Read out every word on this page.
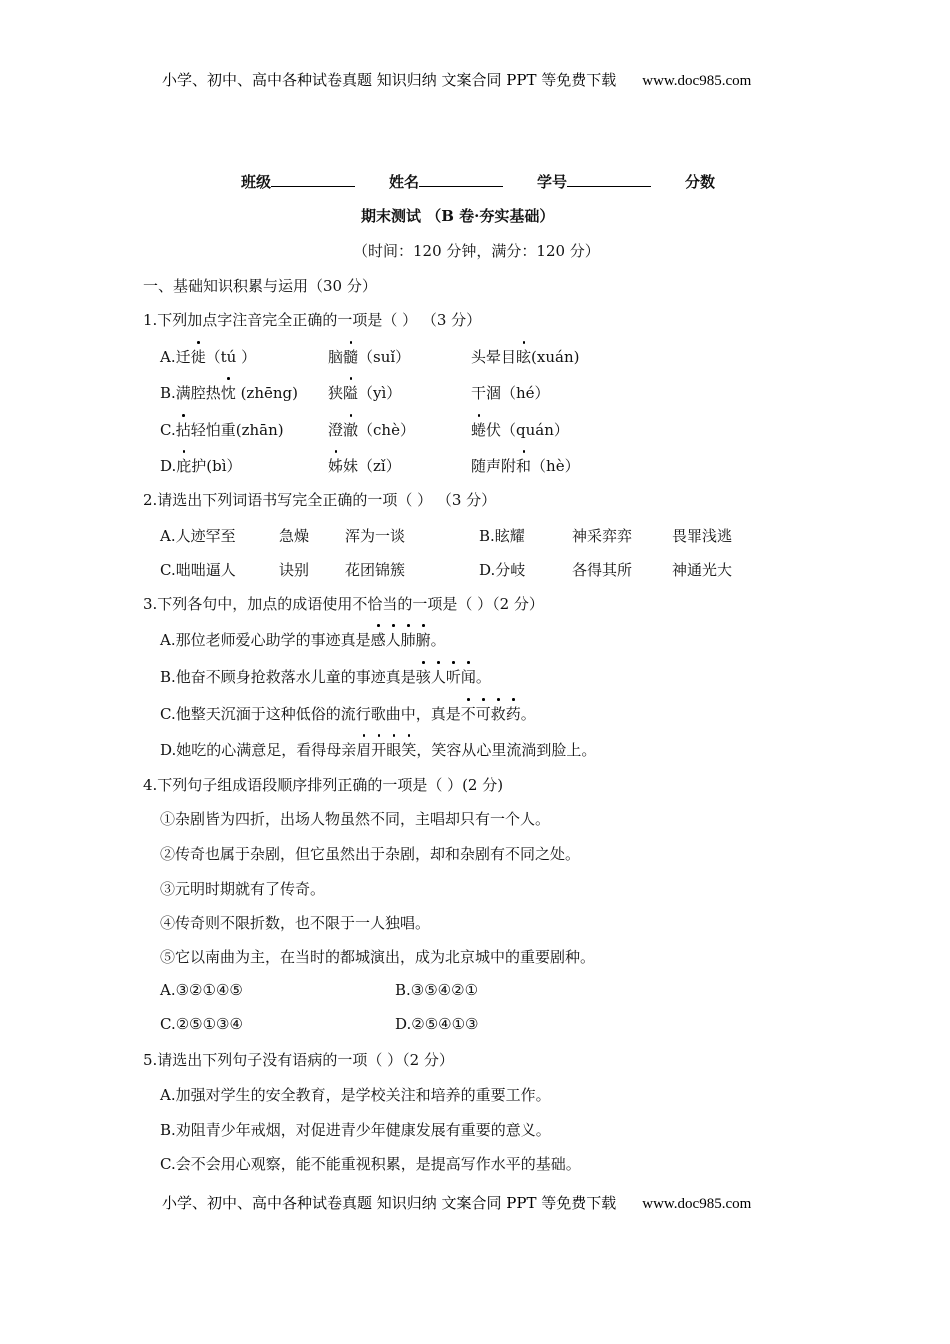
小学、初中、高中各种试卷真题 知识归纳 文案合同 PPT 等免费下载 www.doc985.com
班级	姓名	学号	分数
期末测试 （B 卷·夯实基础）
（时间：120 分钟，满分：120 分）
一、基础知识积累与运用（30 分）
1.下列加点字注音完全正确的一项是（ ） （3 分）
A.迁徙（tú ）	脑髓（suǐ）	头晕目眩(xuán)
B.满腔热忱 (zhēng) 狭隘（yì）	干涸（hé）
C.拈轻怕重(zhān)	澄澈（chè）	蜷伏（quán）
D.庇护(bì）	姊妹（zǐ）	随声附和（hè）
2.请选出下列词语书写完全正确的一项（ ） （3 分）
A.人迹罕至	急燥 浑为一谈	B.眩耀	神采弈弈	畏罪浅逃
C.咄咄逼人	诀别 花团锦簇	D.分岐	各得其所	神通光大
3.下列各句中，加点的成语使用不恰当的一项是（ ）（2 分）
A.那位老师爱心助学的事迹真是感人肺腑。
B.他奋不顾身抢救落水儿童的事迹真是骇人听闻。
C.他整天沉湎于这种低俗的流行歌曲中，真是不可救药。
D.她吃的心满意足，看得母亲眉开眼笑，笑容从心里流淌到脸上。
4.下列句子组成语段顺序排列正确的一项是（ ）(2 分)
①杂剧皆为四折，出场人物虽然不同，主唱却只有一个人。
②传奇也属于杂剧，但它虽然出于杂剧，却和杂剧有不同之处。
③元明时期就有了传奇。
④传奇则不限折数，也不限于一人独唱。
⑤它以南曲为主，在当时的都城演出，成为北京城中的重要剧种。
A.③②①④⑤	B.③⑤④②①
C.②⑤①③④	D.②⑤④①③
5.请选出下列句子没有语病的一项（ ）（2 分）
A.加强对学生的安全教育，是学校关注和培养的重要工作。
B.劝阻青少年戒烟，对促进青少年健康发展有重要的意义。
C.会不会用心观察，能不能重视积累，是提高写作水平的基础。
小学、初中、高中各种试卷真题 知识归纳 文案合同 PPT 等免费下载 www.doc985.com
